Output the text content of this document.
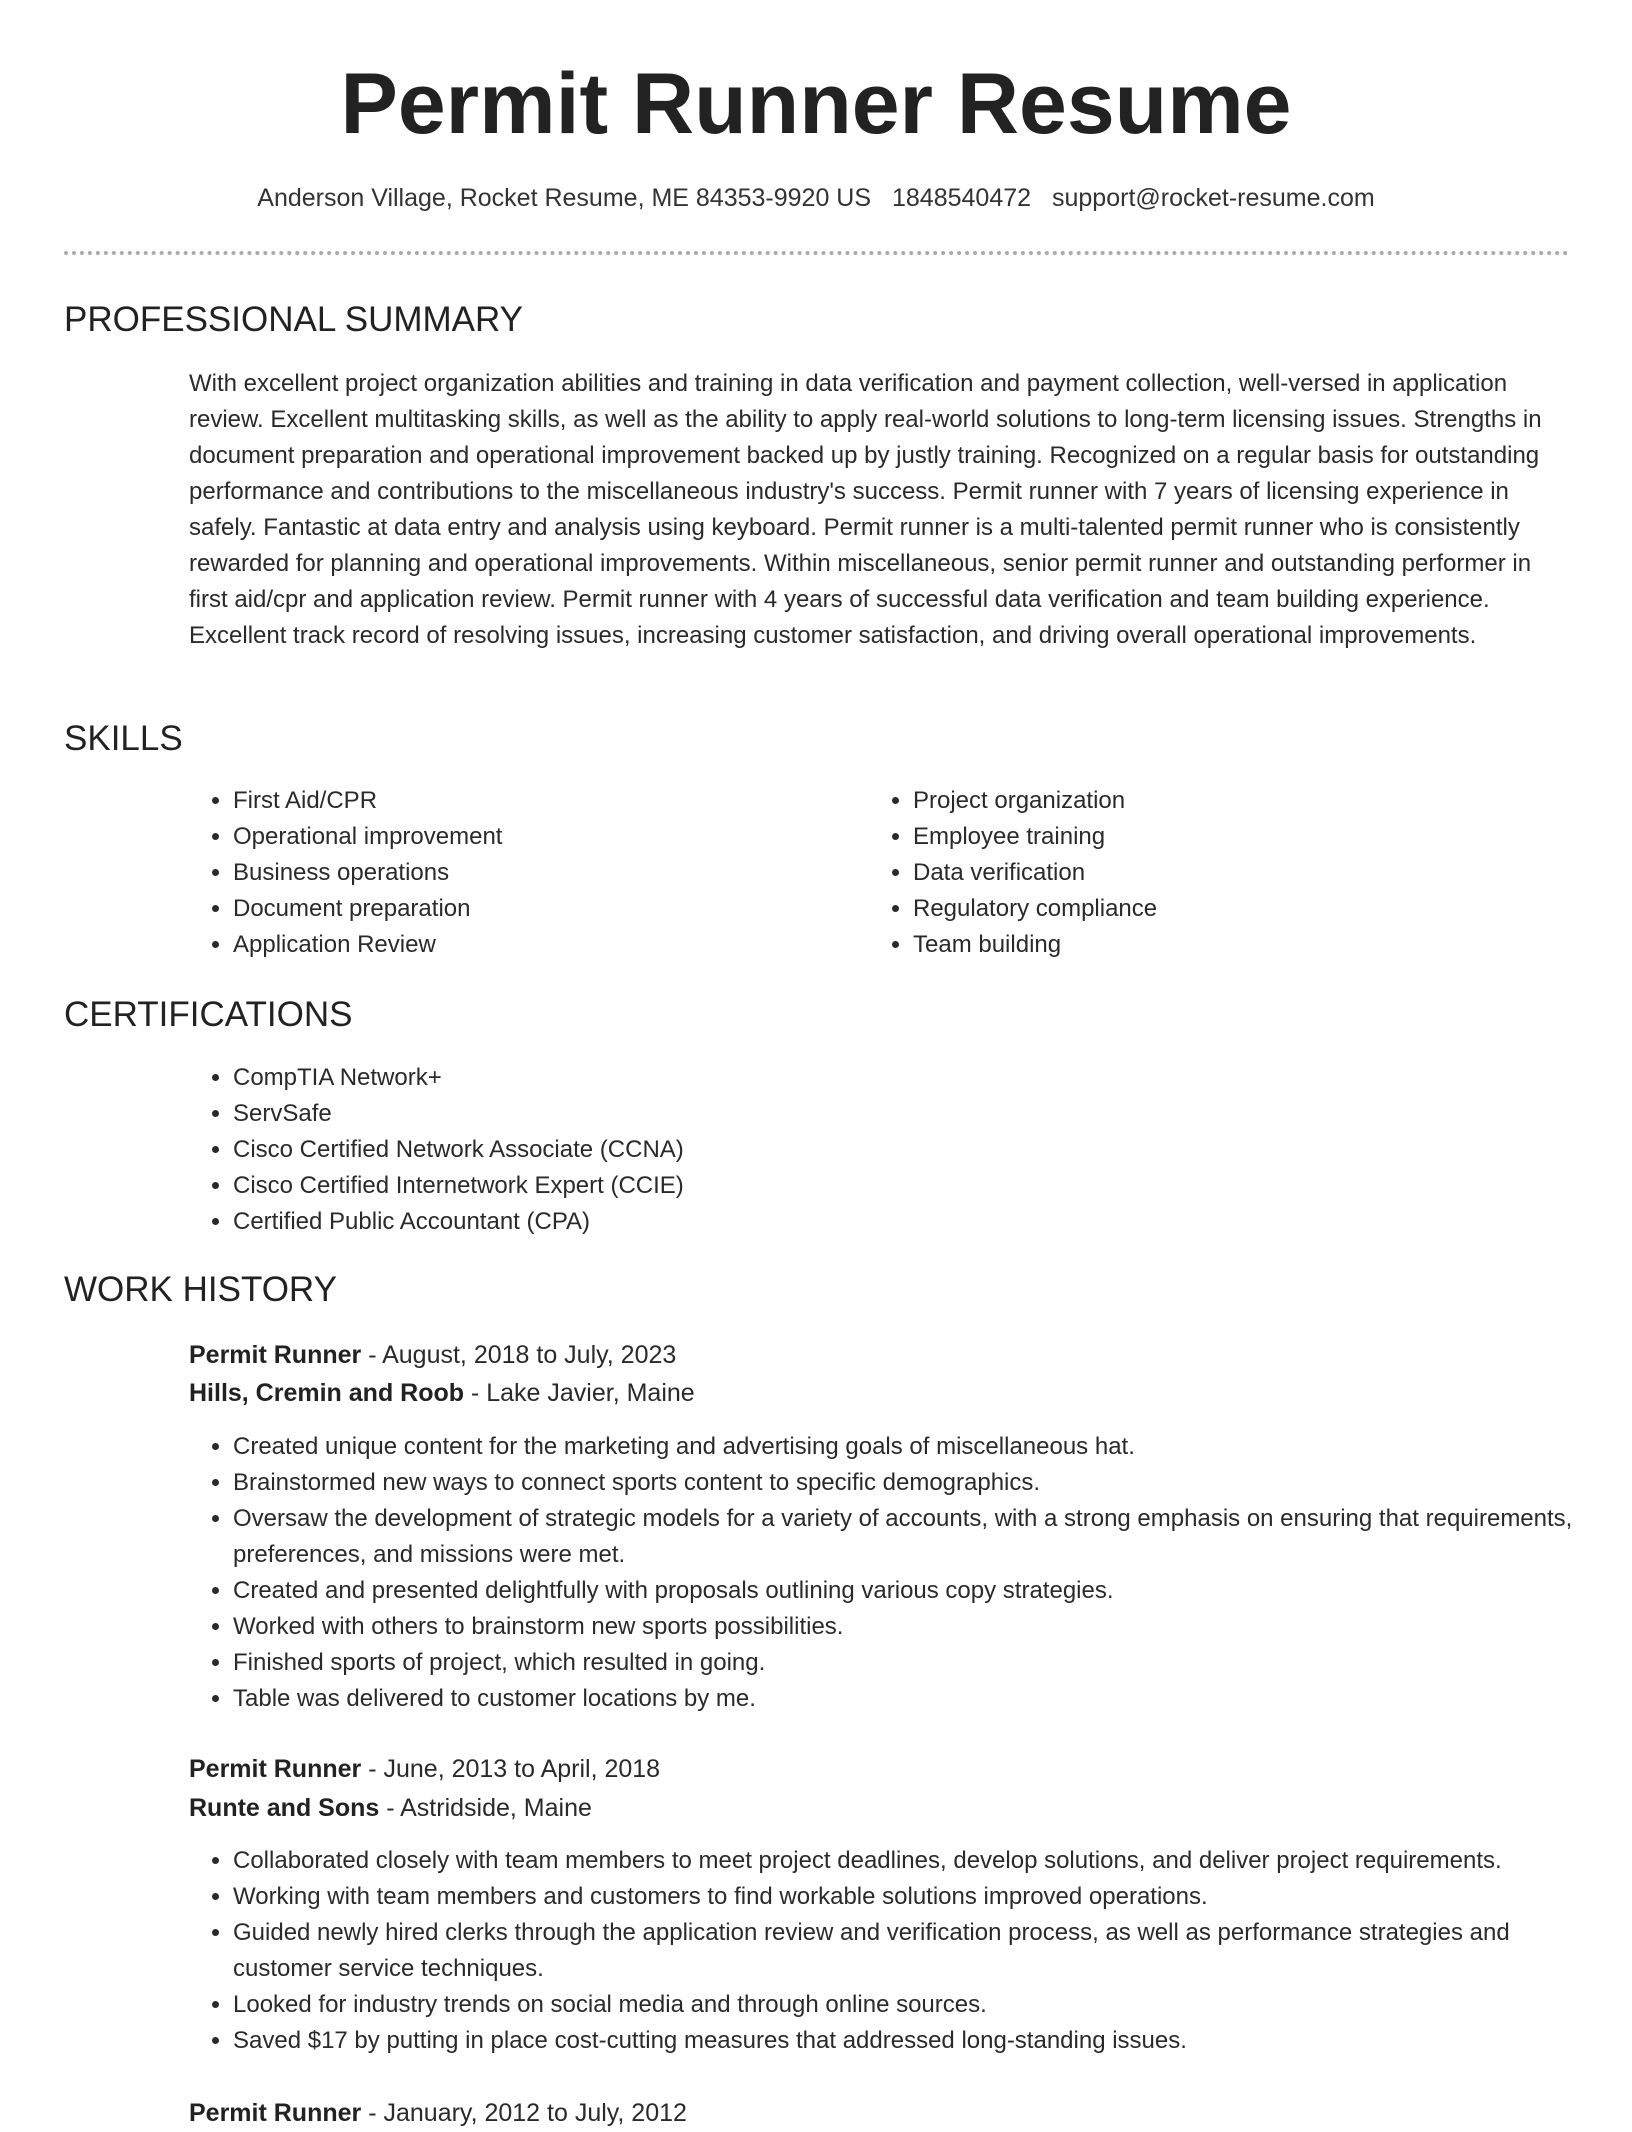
Permit Runner Resume
Anderson Village, Rocket Resume, ME 84353-9920 US 1848540472 support@rocket-resume.com
PROFESSIONAL SUMMARY

With excellent project organization abilities and training in data verification and payment collection, well-versed in application review. Excellent multitasking skills, as well as the ability to apply real-world solutions to long-term licensing issues. Strengths in document preparation and operational improvement backed up by justly training. Recognized on a regular basis for outstanding performance and contributions to the miscellaneous industry's success. Permit runner with 7 years of licensing experience in safely. Fantastic at data entry and analysis using keyboard. Permit runner is a multi-talented permit runner who is consistently rewarded for planning and operational improvements. Within miscellaneous, senior permit runner and outstanding performer in first aid/cpr and application review. Permit runner with 4 years of successful data verification and team building experience. Excellent track record of resolving issues, increasing customer satisfaction, and driving overall operational improvements.

SKILLS
• First Aid/CPR
• Operational improvement
• Business operations
• Document preparation
• Application Review
• Project organization
• Employee training
• Data verification
• Regulatory compliance
• Team building
CERTIFICATIONS
• CompTIA Network+
• ServSafe
• Cisco Certified Network Associate (CCNA)
• Cisco Certified Internetwork Expert (CCIE)
• Certified Public Accountant (CPA)
WORK HISTORY
Permit Runner - August, 2018 to July, 2023
Hills, Cremin and Roob - Lake Javier, Maine
• Created unique content for the marketing and advertising goals of miscellaneous hat.
• Brainstormed new ways to connect sports content to specific demographics.
• Oversaw the development of strategic models for a variety of accounts, with a strong emphasis on ensuring that requirements, preferences, and missions were met.
• Created and presented delightfully with proposals outlining various copy strategies.
• Worked with others to brainstorm new sports possibilities.
• Finished sports of project, which resulted in going.
• Table was delivered to customer locations by me.
Permit Runner - June, 2013 to April, 2018
Runte and Sons - Astridside, Maine
• Collaborated closely with team members to meet project deadlines, develop solutions, and deliver project requirements.
• Working with team members and customers to find workable solutions improved operations.
• Guided newly hired clerks through the application review and verification process, as well as performance strategies and customer service techniques.
• Looked for industry trends on social media and through online sources.
• Saved $17 by putting in place cost-cutting measures that addressed long-standing issues.
Permit Runner - January, 2012 to July, 2012
